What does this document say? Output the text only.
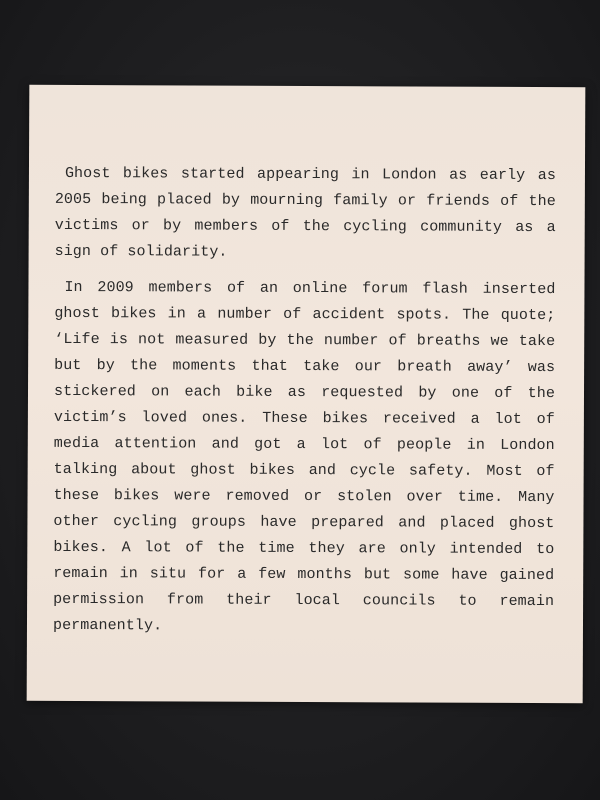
Ghost bikes started appearing in London as early as 2005 being placed by mourning family or friends of the victims or by members of the cycling community as a sign of solidarity.

In 2009 members of an online forum flash inserted ghost bikes in a number of accident spots. The quote; ‘Life is not measured by the number of breaths we take but by the moments that take our breath away’ was stickered on each bike as requested by one of the victim’s loved ones. These bikes received a lot of media attention and got a lot of people in London talking about ghost bikes and cycle safety. Most of these bikes were removed or stolen over time. Many other cycling groups have prepared and placed ghost bikes. A lot of the time they are only intended to remain in situ for a few months but some have gained permission from their local councils to remain permanently.
